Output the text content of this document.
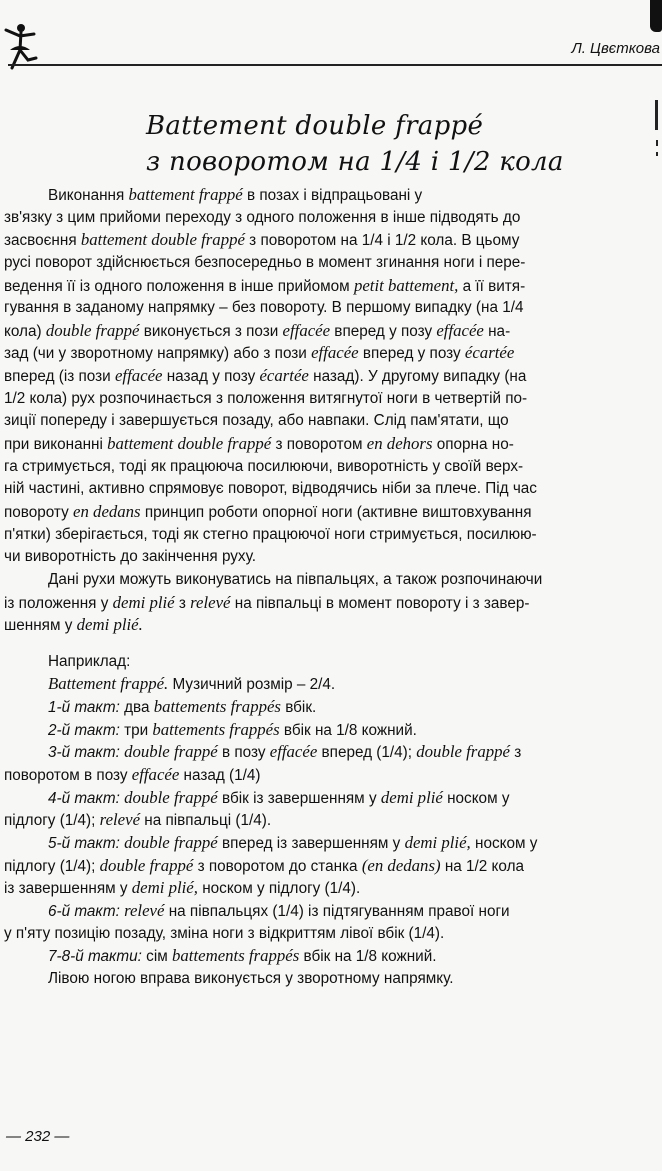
Л. Цвєткова
Battement double frappé
з поворотом на 1/4 і 1/2 кола
Виконання battement frappé в позах і відпрацьовані у
зв'язку з цим прийоми переходу з одного положення в інше підводять до
засвоєння battement double frappé з поворотом на 1/4 і 1/2 кола. В цьому
русі поворот здійснюється безпосередньо в момент згинання ноги і пере-
ведення її із одного положення в інше прийомом petit battement, а її витя-
гування в заданому напрямку – без повороту. В першому випадку (на 1/4
кола) double frappé виконується з пози effacée вперед у позу effacée на-
зад (чи у зворотному напрямку) або з пози effacée вперед у позу écartée
вперед (із пози effacée назад у позу écartée назад). У другому випадку (на
1/2 кола) рух розпочинається з положення витягнутої ноги в четвертій по-
зиції попереду і завершується позаду, або навпаки. Слід пам'ятати, що
при виконанні battement double frappé з поворотом en dehors опорна но-
га стримується, тоді як працююча посилюючи, виворотність у своїй верх-
ній частині, активно спрямовує поворот, відводячись ніби за плече. Під час
повороту en dedans принцип роботи опорної ноги (активне виштовхування
п'ятки) зберігається, тоді як стегно працюючої ноги стримується, посилюю-
чи виворотність до закінчення руху.
Дані рухи можуть виконуватись на півпальцях, а також розпочинаючи
із положення у demi plié з relevé на півпальці в момент повороту і з завер-
шенням у demi plié.
Наприклад:
Battement frappé. Музичний розмір – 2/4.
1-й такт: два battements frappés вбік.
2-й такт: три battements frappés вбік на 1/8 кожний.
3-й такт: double frappé в позу effacée вперед (1/4); double frappé з
поворотом в позу effacée назад (1/4)
4-й такт: double frappé вбік із завершенням у demi plié носком у
підлогу (1/4); relevé на півпальці (1/4).
5-й такт: double frappé вперед із завершенням у demi plié, носком у
підлогу (1/4); double frappé з поворотом до станка (en dedans) на 1/2 кола
із завершенням у demi plié, носком у підлогу (1/4).
6-й такт: relevé на півпальцях (1/4) із підтягуванням правої ноги
у п'яту позицію позаду, зміна ноги з відкриттям лівої вбік (1/4).
7-8-й такти: сім battements frappés вбік на 1/8 кожний.
Лівою ногою вправа виконується у зворотному напрямку.
— 232 —
